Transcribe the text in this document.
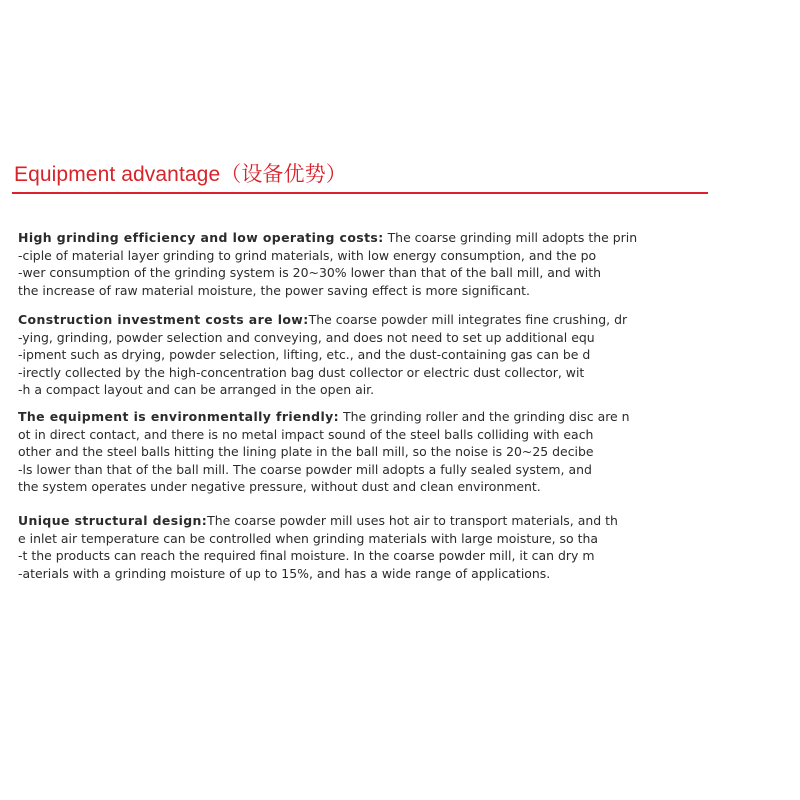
Equipment advantage（设备优势）
High grinding efficiency and low operating costs: The coarse grinding mill adopts the prin
-ciple of material layer grinding to grind materials, with low energy consumption, and the po
-wer consumption of the grinding system is 20~30% lower than that of the ball mill, and with
the increase of raw material moisture, the power saving effect is more significant.
Construction investment costs are low:The coarse powder mill integrates fine crushing, dr
-ying, grinding, powder selection and conveying, and does not need to set up additional equ
-ipment such as drying, powder selection, lifting, etc., and the dust-containing gas can be d
-irectly collected by the high-concentration bag dust collector or electric dust collector, wit
-h a compact layout and can be arranged in the open air.
The equipment is environmentally friendly: The grinding roller and the grinding disc are n
ot in direct contact, and there is no metal impact sound of the steel balls colliding with each
other and the steel balls hitting the lining plate in the ball mill, so the noise is 20~25 decibe
-ls lower than that of the ball mill. The coarse powder mill adopts a fully sealed system, and
the system operates under negative pressure, without dust and clean environment.
Unique structural design:The coarse powder mill uses hot air to transport materials, and th
e inlet air temperature can be controlled when grinding materials with large moisture, so tha
-t the products can reach the required final moisture. In the coarse powder mill, it can dry m
-aterials with a grinding moisture of up to 15%, and has a wide range of applications.
